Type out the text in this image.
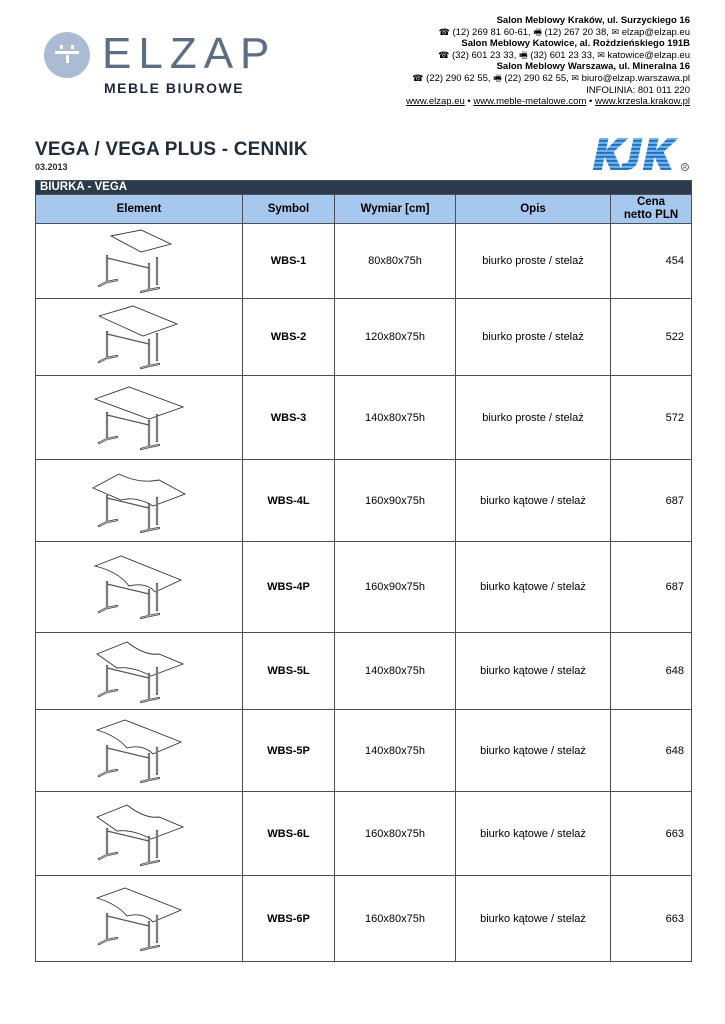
ELZAP
MEBLE BIUROWE
Salon Meblowy Kraków, ul. Surzyckiego 16
☎ (12) 269 81 60-61, 🖷 (12) 267 20 38, ✉ elzap@elzap.eu
Salon Meblowy Katowice, al. Rożdzieńskiego 191B
☎ (32) 601 23 33, 🖷 (32) 601 23 33, ✉ katowice@elzap.eu
Salon Meblowy Warszawa, ul. Mineralna 16
☎ (22) 290 62 55, 🖷 (22) 290 62 55, ✉ biuro@elzap.warszawa.pl
INFOLINIA: 801 011 220
www.elzap.eu • www.meble-metalowe.com • www.krzesla.krakow.pl
VEGA / VEGA PLUS - CENNIK
03.2013	R
BIURKA - VEGA				
Element	Symbol	Wymiar [cm]	Opis	Cena
netto PLN

	WBS-1	80x80x75h	biurko proste / stelaż	454

	WBS-2	120x80x75h	biurko proste / stelaż	522

	WBS-3	140x80x75h	biurko proste / stelaż	572

	WBS-4L	160x90x75h	biurko kątowe / stelaż	687

	WBS-4P	160x90x75h	biurko kątowe / stelaż	687

	WBS-5L	140x80x75h	biurko kątowe / stelaż	648

	WBS-5P	140x80x75h	biurko kątowe / stelaż	648

	WBS-6L	160x80x75h	biurko kątowe / stelaż	663

	WBS-6P	160x80x75h	biurko kątowe / stelaż	663
